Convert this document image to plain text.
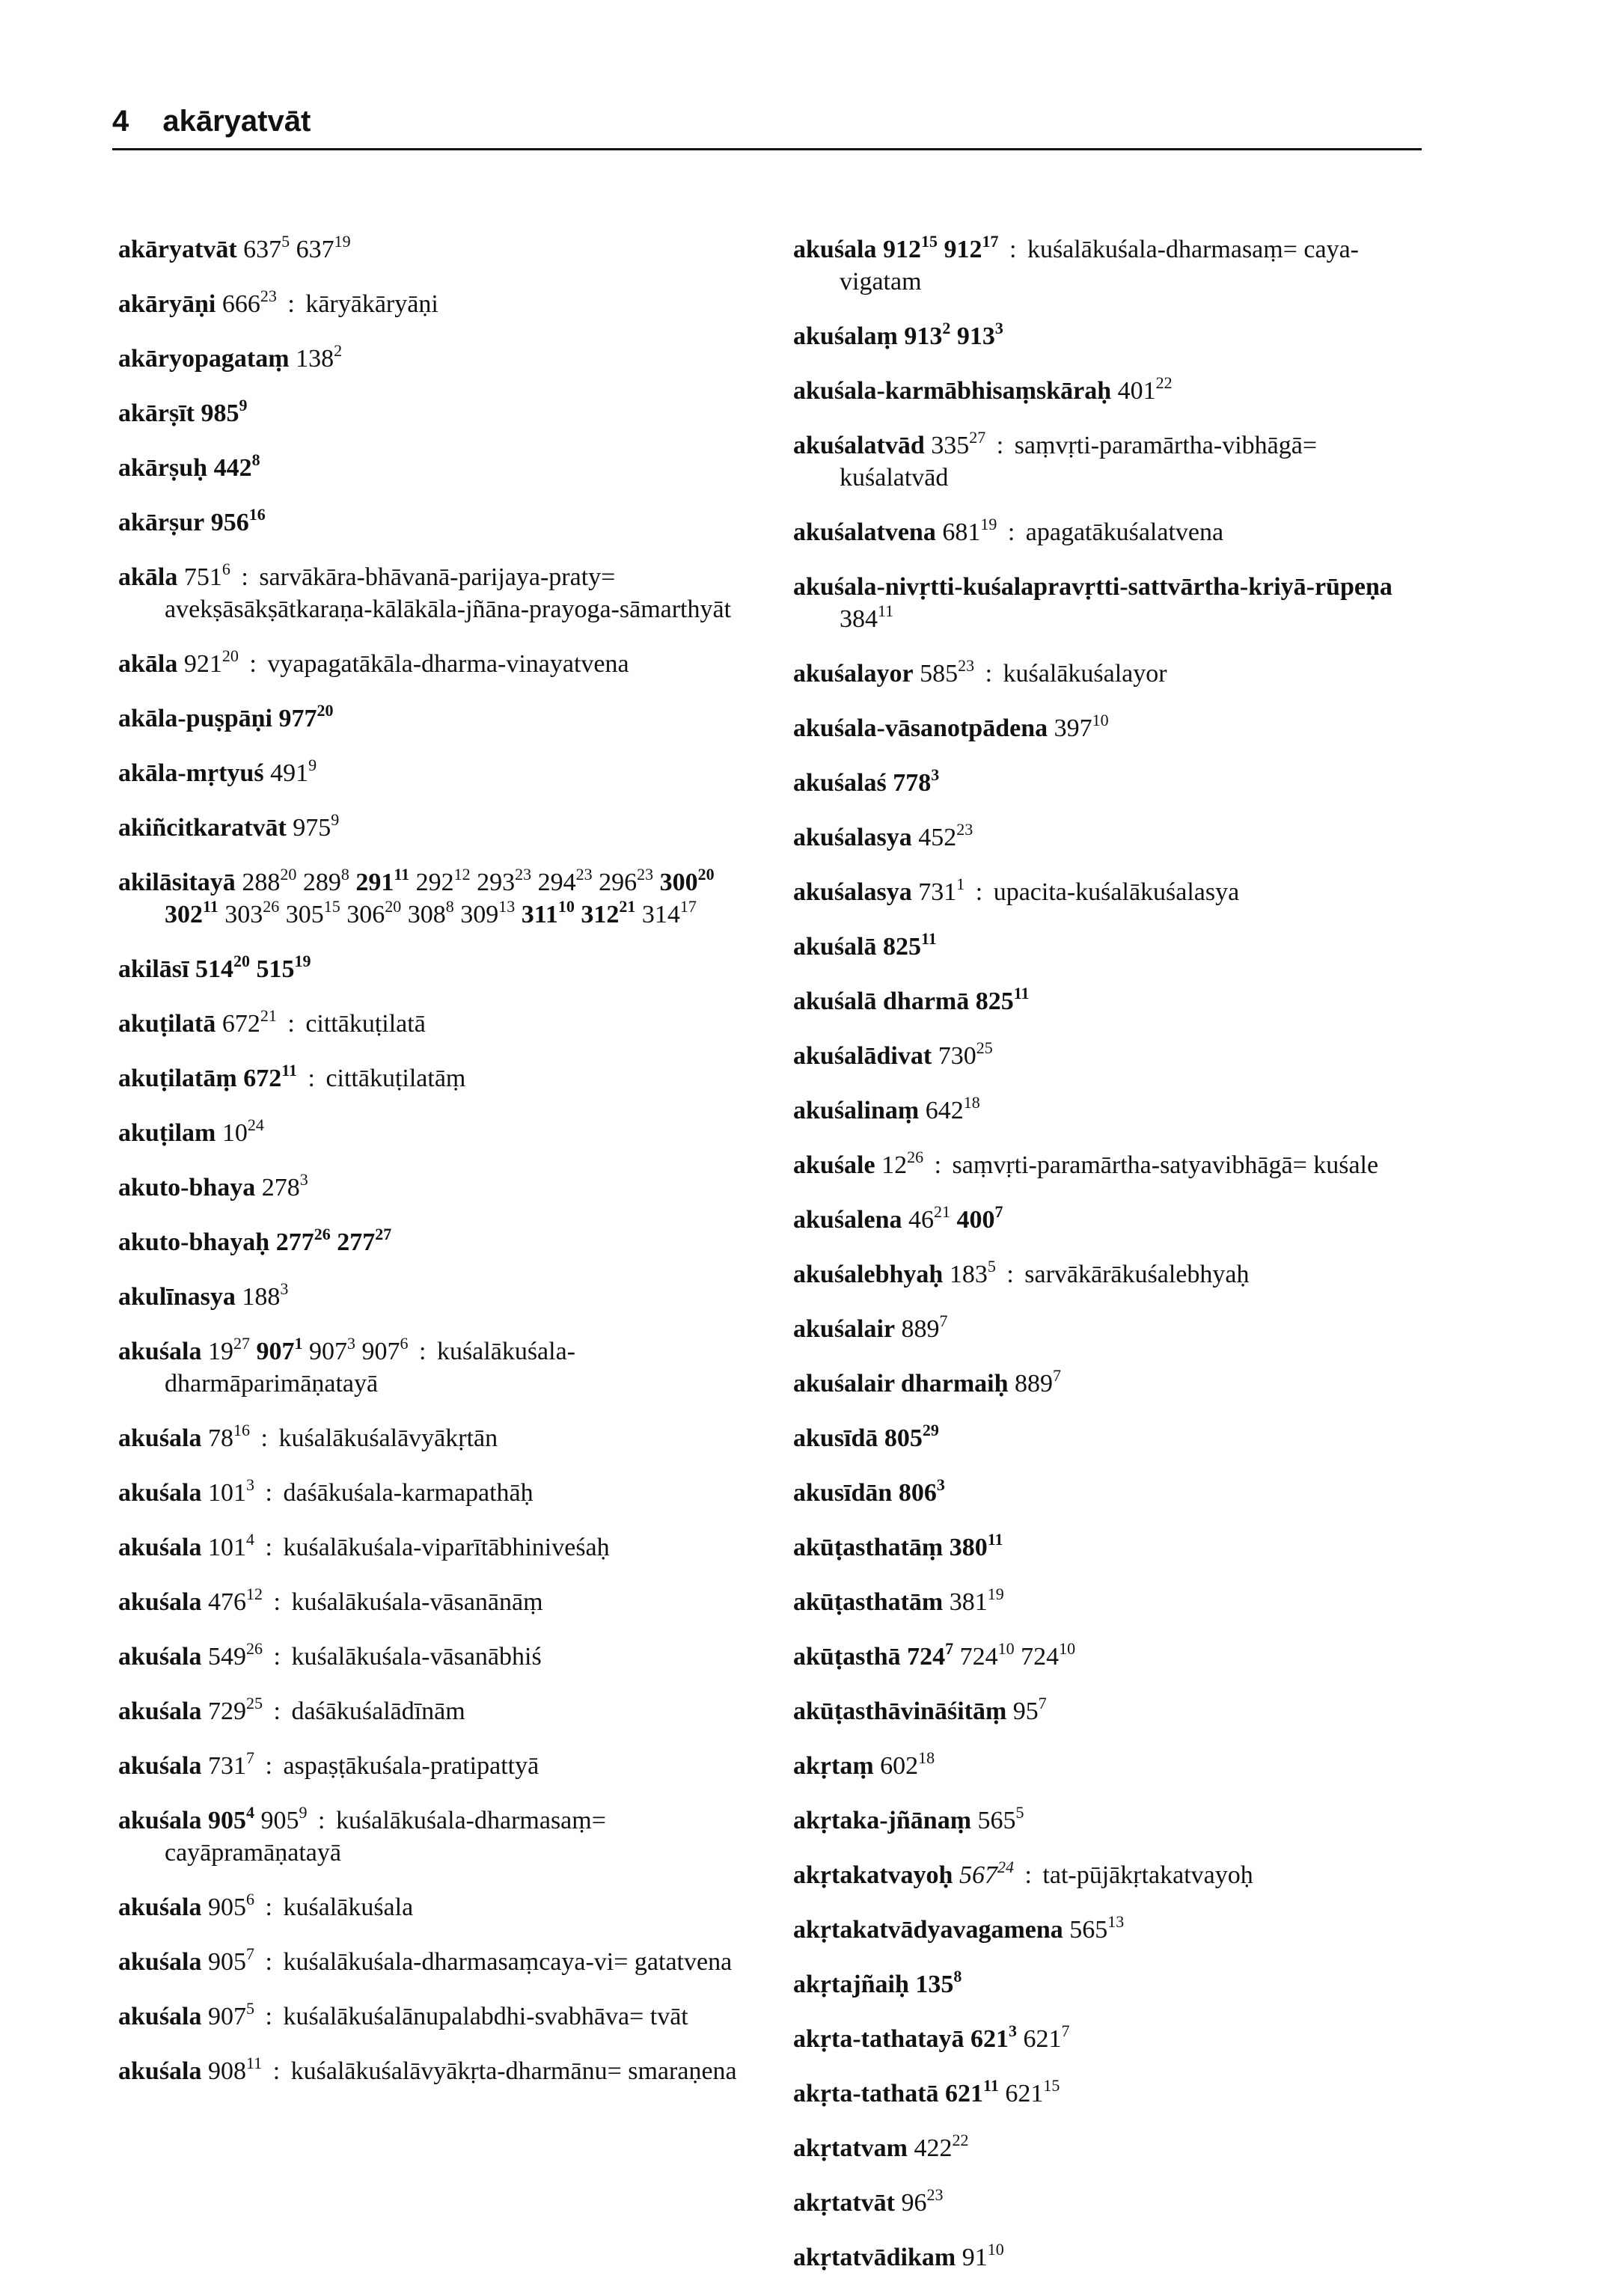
4 akāryatvāt
akāryatvāt $637^5$ $637^{19}$
akāryāṇi $666^{23}$ : kāryākāryāṇi
akāryopagataṃ $138^2$
akārṣīt $985^9$
akārṣuḥ $442^8$
akārṣur $956^{16}$
akāla $751^6$ : sarvākāra-bhāvanā-parijaya-praty= avekṣāsākṣātkaraṇa-kālākāla-jñāna-prayoga-sāmarthyāt
akāla $921^{20}$ : vyapagatākāla-dharma-vinayatvena
akāla-puṣpāṇi $977^{20}$
akāla-mṛtyuś $491^9$
akiñcitkaratvāt $975^9$
akilāsitayā $288^{20}$ $289^8$ $291^{11}$ $292^{12}$ $293^{23}$ $294^{23}$ $296^{23}$ $300^{20}$ $302^{11}$ $303^{26}$ $305^{15}$ $306^{20}$ $308^8$ $309^{13}$ $311^{10}$ $312^{21}$ $314^{17}$
akilāsī $514^{20}$ $515^{19}$
akuṭilatā $672^{21}$ : cittākuṭilatā
akuṭilatāṃ $672^{11}$ : cittākuṭilatāṃ
akuṭilam $10^{24}$
akuto-bhaya $278^3$
akuto-bhayaḥ $277^{26}$ $277^{27}$
akulīnasya $188^3$
akuśala $19^{27}$ $907^1$ $907^3$ $907^6$ : kuśalākuśala-dharmāparimāṇatayā
akuśala $78^{16}$ : kuśalākuśalāvyākṛtān
akuśala $101^3$ : daśākuśala-karmapathāḥ
akuśala $101^4$ : kuśalākuśala-viparītābhiniveśaḥ
akuśala $476^{12}$ : kuśalākuśala-vāsanānāṃ
akuśala $549^{26}$ : kuśalākuśala-vāsanābhiś
akuśala $729^{25}$ : daśākuśalādīnām
akuśala $731^7$ : aspaṣṭākuśala-pratipattyā
akuśala $905^4$ $905^9$ : kuśalākuśala-dharmasaṃ= cayāpramāṇatayā
akuśala $905^6$ : kuśalākuśala
akuśala $905^7$ : kuśalākuśala-dharmasaṃcaya-vi= gatatvena
akuśala $907^5$ : kuśalākuśalānupalabdhi-svabhāva= tvāt
akuśala $908^{11}$ : kuśalākuśalāvyākṛta-dharmānu= smaraṇena
akuśala $912^{15}$ $912^{17}$ : kuśalākuśala-dharmasaṃ= caya-vigatam
akuśalaṃ $913^2$ $913^3$
akuśala-karmābhisaṃskāraḥ $401^{22}$
akuśalatvād $335^{27}$ : saṃvṛti-paramārtha-vibhāgā= kuśalatvād
akuśalatvena $681^{19}$ : apagatākuśalatvena
akuśala-nivṛtti-kuśalapravṛtti-sattvārtha-kriyā-rūpeṇa $384^{11}$
akuśalayor $585^{23}$ : kuśalākuśalayor
akuśala-vāsanotpādena $397^{10}$
akuśalaś $778^3$
akuśalasya $452^{23}$
akuśalasya $731^1$ : upacita-kuśalākuśalasya
akuśalā $825^{11}$
akuśalā dharmā $825^{11}$
akuśalādivat $730^{25}$
akuśalinaṃ $642^{18}$
akuśale $12^{26}$ : saṃvṛti-paramārtha-satyavibhāgā= kuśale
akuśalena $46^{21}$ $400^7$
akuśalebhyaḥ $183^5$ : sarvākārākuśalebhyaḥ
akuśalair $889^7$
akuśalair dharmaiḥ $889^7$
akusīdā $805^{29}$
akusīdān $806^3$
akūṭasthatāṃ $380^{11}$
akūṭasthatām $381^{19}$
akūṭasthā $724^7$ $724^{10}$ $724^{10}$
akūṭasthāvināśitāṃ $95^7$
akṛtaṃ $602^{18}$
akṛtaka-jñānaṃ $565^5$
akṛtakatvayoḥ $567^{24}$ : tat-pūjākṛtakatvayoḥ
akṛtakatvādyavagamena $565^{13}$
akṛtajñaiḥ $135^8$
akṛta-tathatayā $621^3$ $621^7$
akṛta-tathatā $621^{11}$ $621^{15}$
akṛtatvam $422^{22}$
akṛtatvāt $96^{23}$
akṛtatvādikam $91^{10}$
